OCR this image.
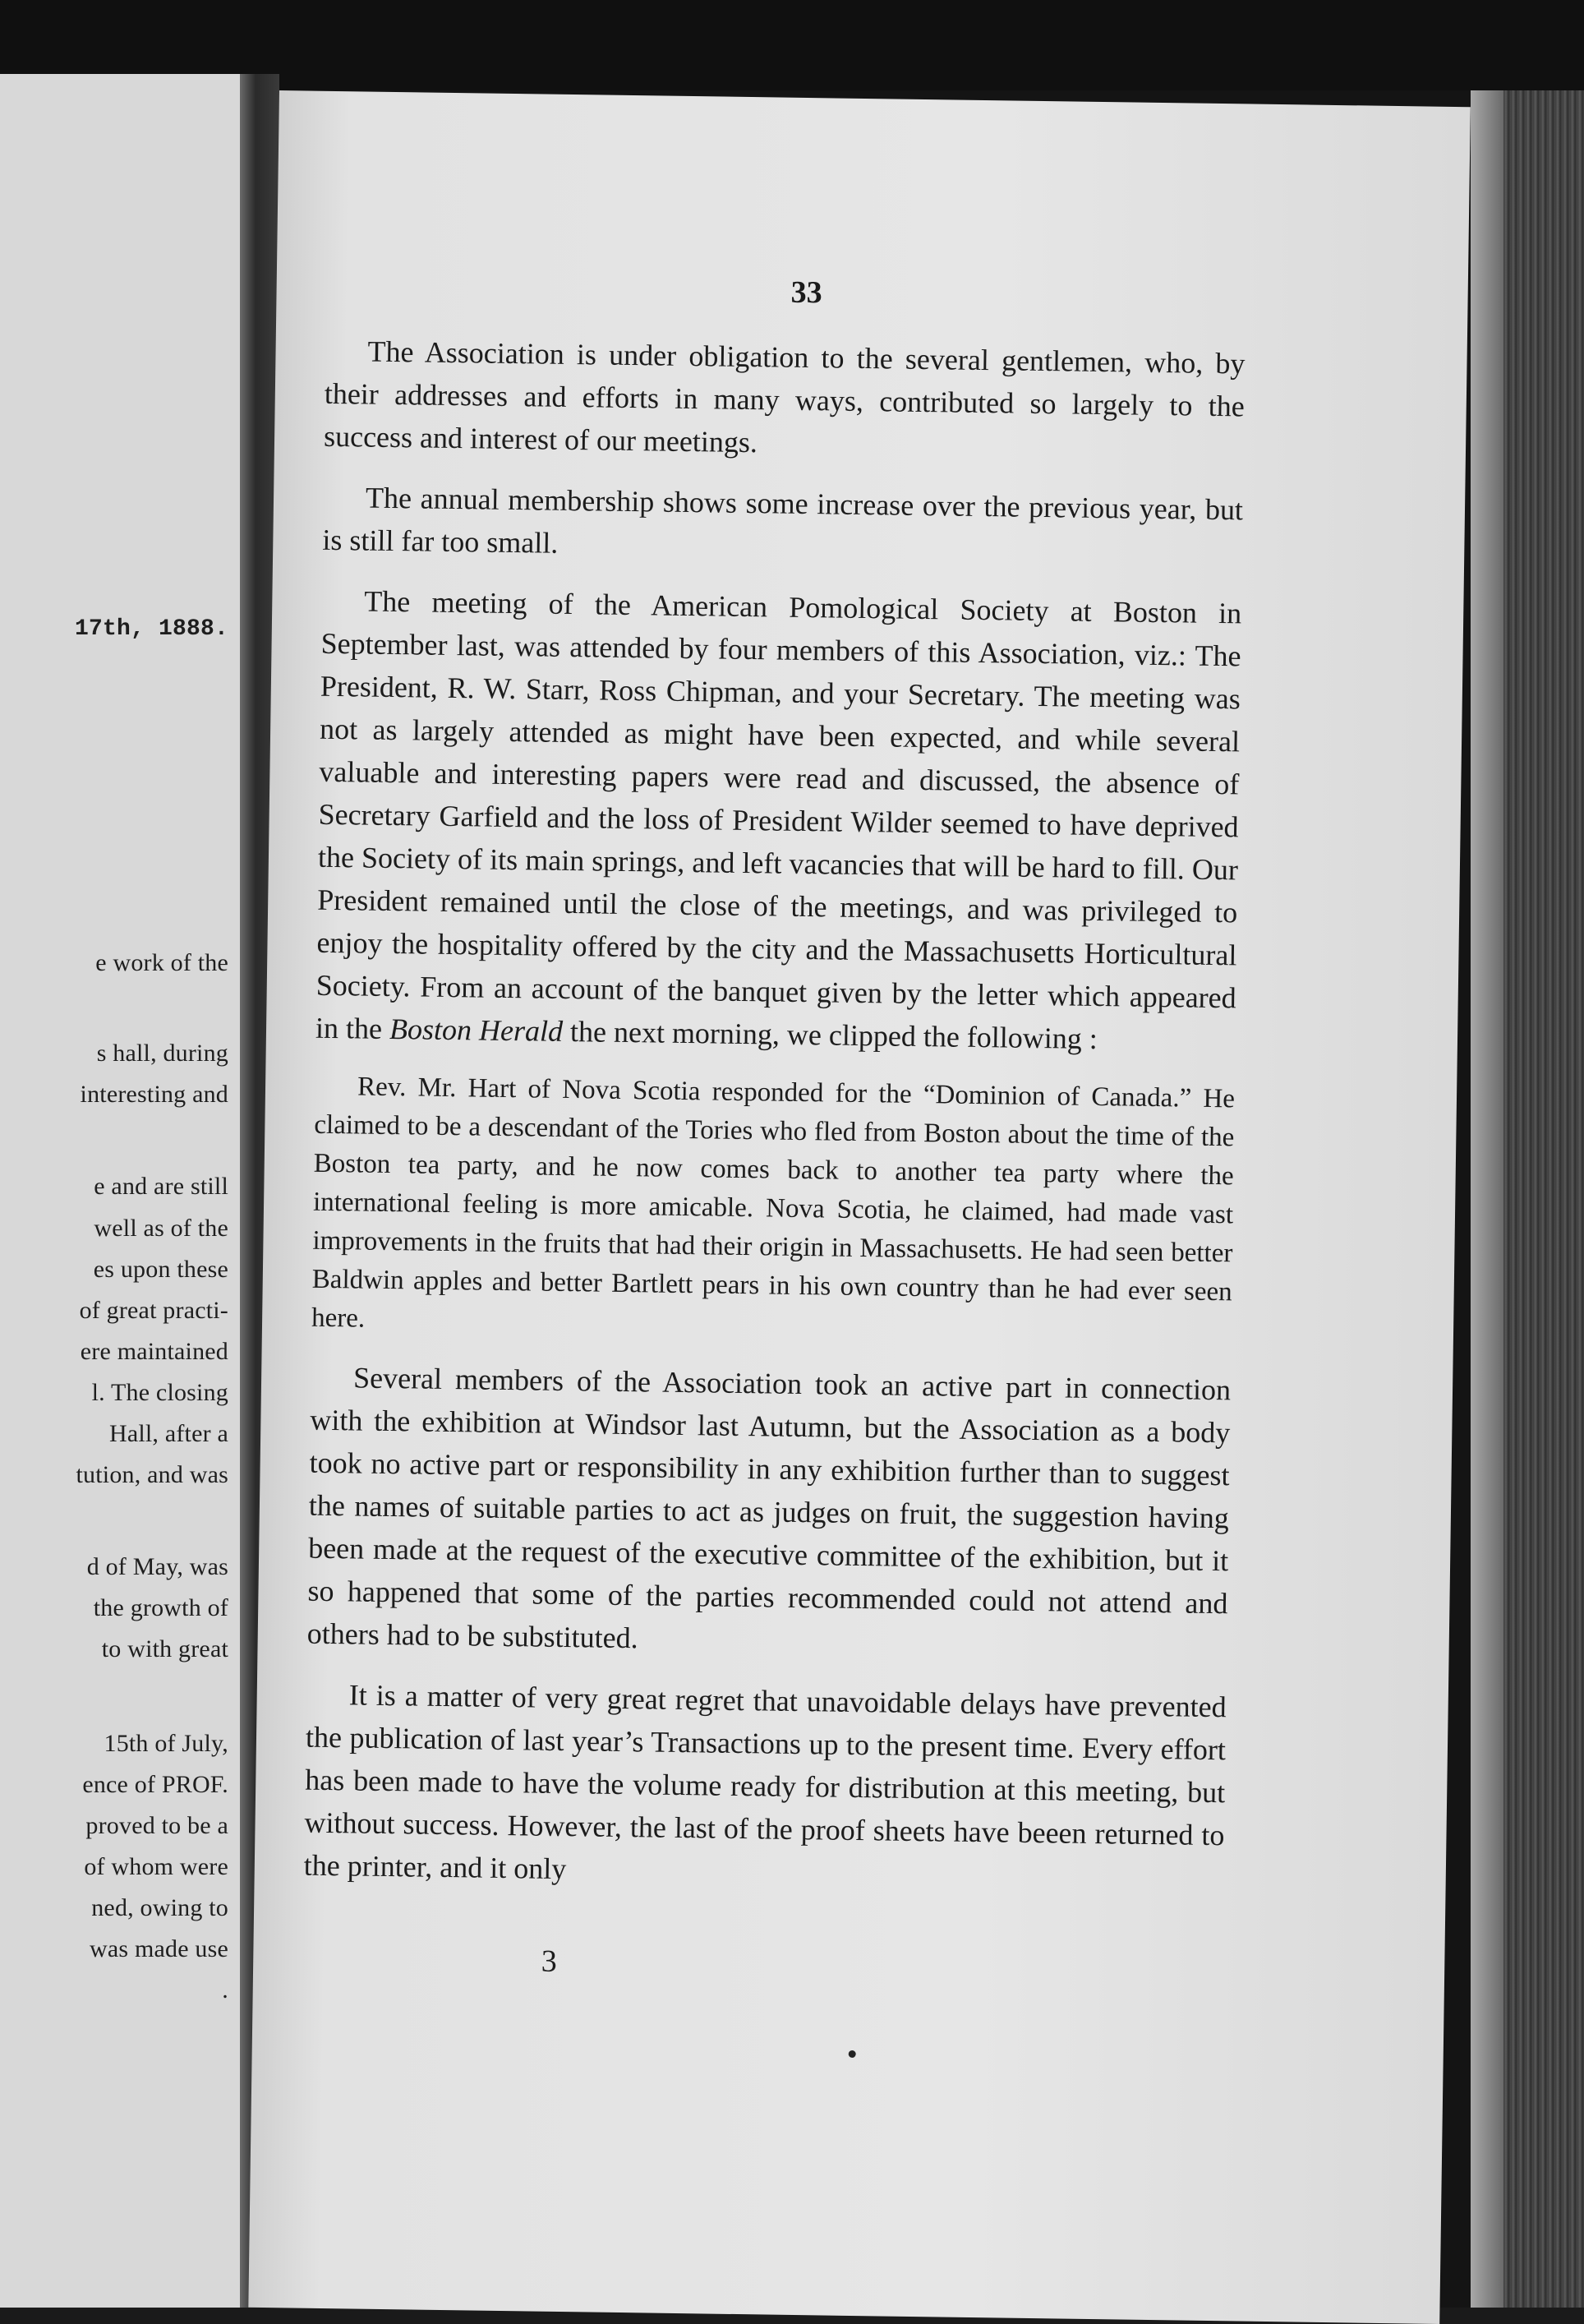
17th, 1888.
e work of the
s hall, during
interesting and
e and are still
well as of the
es upon these
of great practi-
ere maintained
l. The closing
Hall, after a
tution, and was
d of May, was
the growth of
to with great
15th of July,
ence of PROF.
proved to be a
of whom were
ned, owing to
was made use
.
33

The Association is under obligation to the several gentlemen, who, by their addresses and efforts in many ways, contributed so largely to the success and interest of our meetings.

The annual membership shows some increase over the previous year, but is still far too small.

The meeting of the American Pomological Society at Boston in September last, was attended by four members of this Association, viz.: The President, R. W. Starr, Ross Chipman, and your Secretary. The meeting was not as largely attended as might have been expected, and while several valuable and interesting papers were read and discussed, the absence of Secretary Garfield and the loss of President Wilder seemed to have deprived the Society of its main springs, and left vacancies that will be hard to fill. Our President remained until the close of the meetings, and was privileged to enjoy the hospitality offered by the city and the Massachusetts Horticultural Society. From an account of the banquet given by the letter which appeared in the Boston Herald the next morning, we clipped the following :

Rev. Mr. Hart of Nova Scotia responded for the “Dominion of Canada.” He claimed to be a descendant of the Tories who fled from Boston about the time of the Boston tea party, and he now comes back to another tea party where the international feeling is more amicable. Nova Scotia, he claimed, had made vast improvements in the fruits that had their origin in Massachusetts. He had seen better Baldwin apples and better Bartlett pears in his own country than he had ever seen here.

Several members of the Association took an active part in connection with the exhibition at Windsor last Autumn, but the Association as a body took no active part or responsibility in any exhibition further than to suggest the names of suitable parties to act as judges on fruit, the suggestion having been made at the request of the executive committee of the exhibition, but it so happened that some of the parties recommended could not attend and others had to be substituted.

It is a matter of very great regret that unavoidable delays have prevented the publication of last year’s Transactions up to the present time. Every effort has been made to have the volume ready for distribution at this meeting, but without success. However, the last of the proof sheets have beeen returned to the printer, and it only

3
